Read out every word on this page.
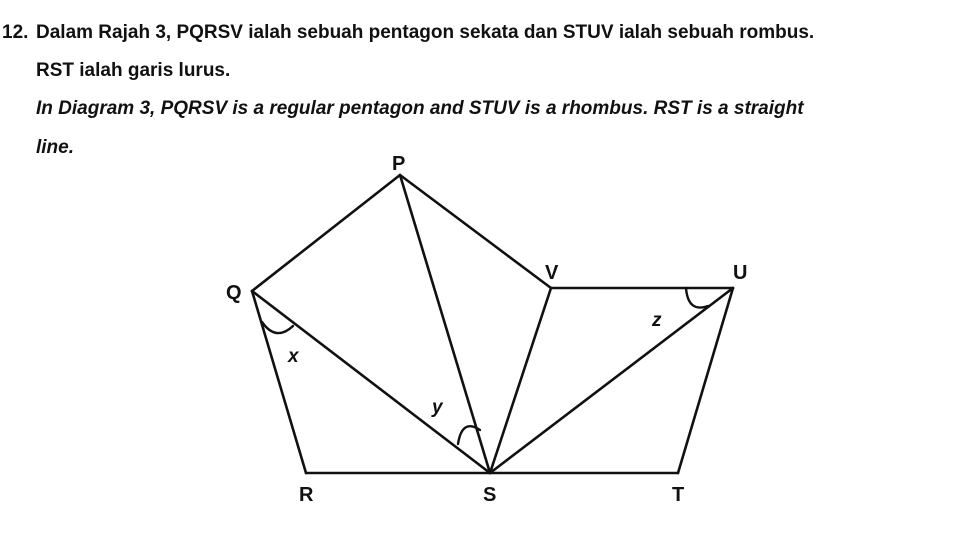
12. Dalam Rajah 3, PQRSV ialah sebuah pentagon sekata dan STUV ialah sebuah rombus.
RST ialah garis lurus.
In Diagram 3, PQRSV is a regular pentagon and STUV is a rhombus. RST is a straight
line.
P
Q
R	S	T
U
V
x
y
z
